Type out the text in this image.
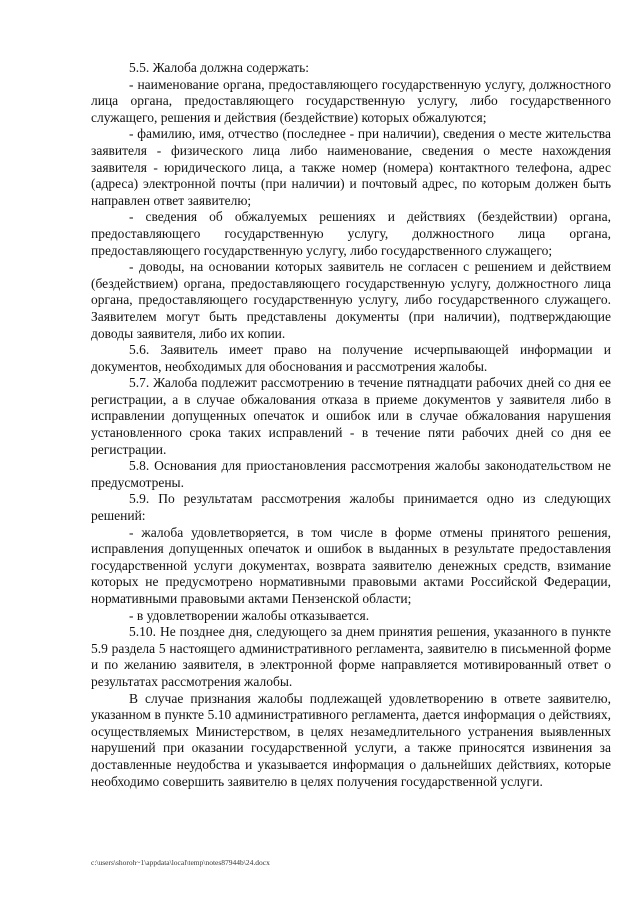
5.5. Жалоба должна содержать:

- наименование органа, предоставляющего государственную услугу, должностного лица органа, предоставляющего государственную услугу, либо государственного служащего, решения и действия (бездействие) которых обжалуются;

- фамилию, имя, отчество (последнее - при наличии), сведения о месте жительства заявителя - физического лица либо наименование, сведения о месте нахождения заявителя - юридического лица, а также номер (номера) контактного телефона, адрес (адреса) электронной почты (при наличии) и почтовый адрес, по которым должен быть направлен ответ заявителю;

- сведения об обжалуемых решениях и действиях (бездействии) органа, предоставляющего государственную услугу, должностного лица органа, предоставляющего государственную услугу, либо государственного служащего;

- доводы, на основании которых заявитель не согласен с решением и действием (бездействием) органа, предоставляющего государственную услугу, должностного лица органа, предоставляющего государственную услугу, либо государственного служащего. Заявителем могут быть представлены документы (при наличии), подтверждающие доводы заявителя, либо их копии.

5.6. Заявитель имеет право на получение исчерпывающей информации и документов, необходимых для обоснования и рассмотрения жалобы.

5.7. Жалоба подлежит рассмотрению в течение пятнадцати рабочих дней со дня ее регистрации, а в случае обжалования отказа в приеме документов у заявителя либо в исправлении допущенных опечаток и ошибок или в случае обжалования нарушения установленного срока таких исправлений - в течение пяти рабочих дней со дня ее регистрации.

5.8. Основания для приостановления рассмотрения жалобы законодательством не предусмотрены.

5.9. По результатам рассмотрения жалобы принимается одно из следующих решений:

- жалоба удовлетворяется, в том числе в форме отмены принятого решения, исправления допущенных опечаток и ошибок в выданных в результате предоставления государственной услуги документах, возврата заявителю денежных средств, взимание которых не предусмотрено нормативными правовыми актами Российской Федерации, нормативными правовыми актами Пензенской области;

- в удовлетворении жалобы отказывается.

5.10. Не позднее дня, следующего за днем принятия решения, указанного в пункте 5.9 раздела 5 настоящего административного регламента, заявителю в письменной форме и по желанию заявителя, в электронной форме направляется мотивированный ответ о результатах рассмотрения жалобы.

В случае признания жалобы подлежащей удовлетворению в ответе заявителю, указанном в пункте 5.10 административного регламента, дается информация о действиях, осуществляемых Министерством, в целях незамедлительного устранения выявленных нарушений при оказании государственной услуги, а также приносятся извинения за доставленные неудобства и указывается информация о дальнейших действиях, которые необходимо совершить заявителю в целях получения государственной услуги.

c:\users\shoroh~1\appdata\local\temp\notes87944b\24.docx
